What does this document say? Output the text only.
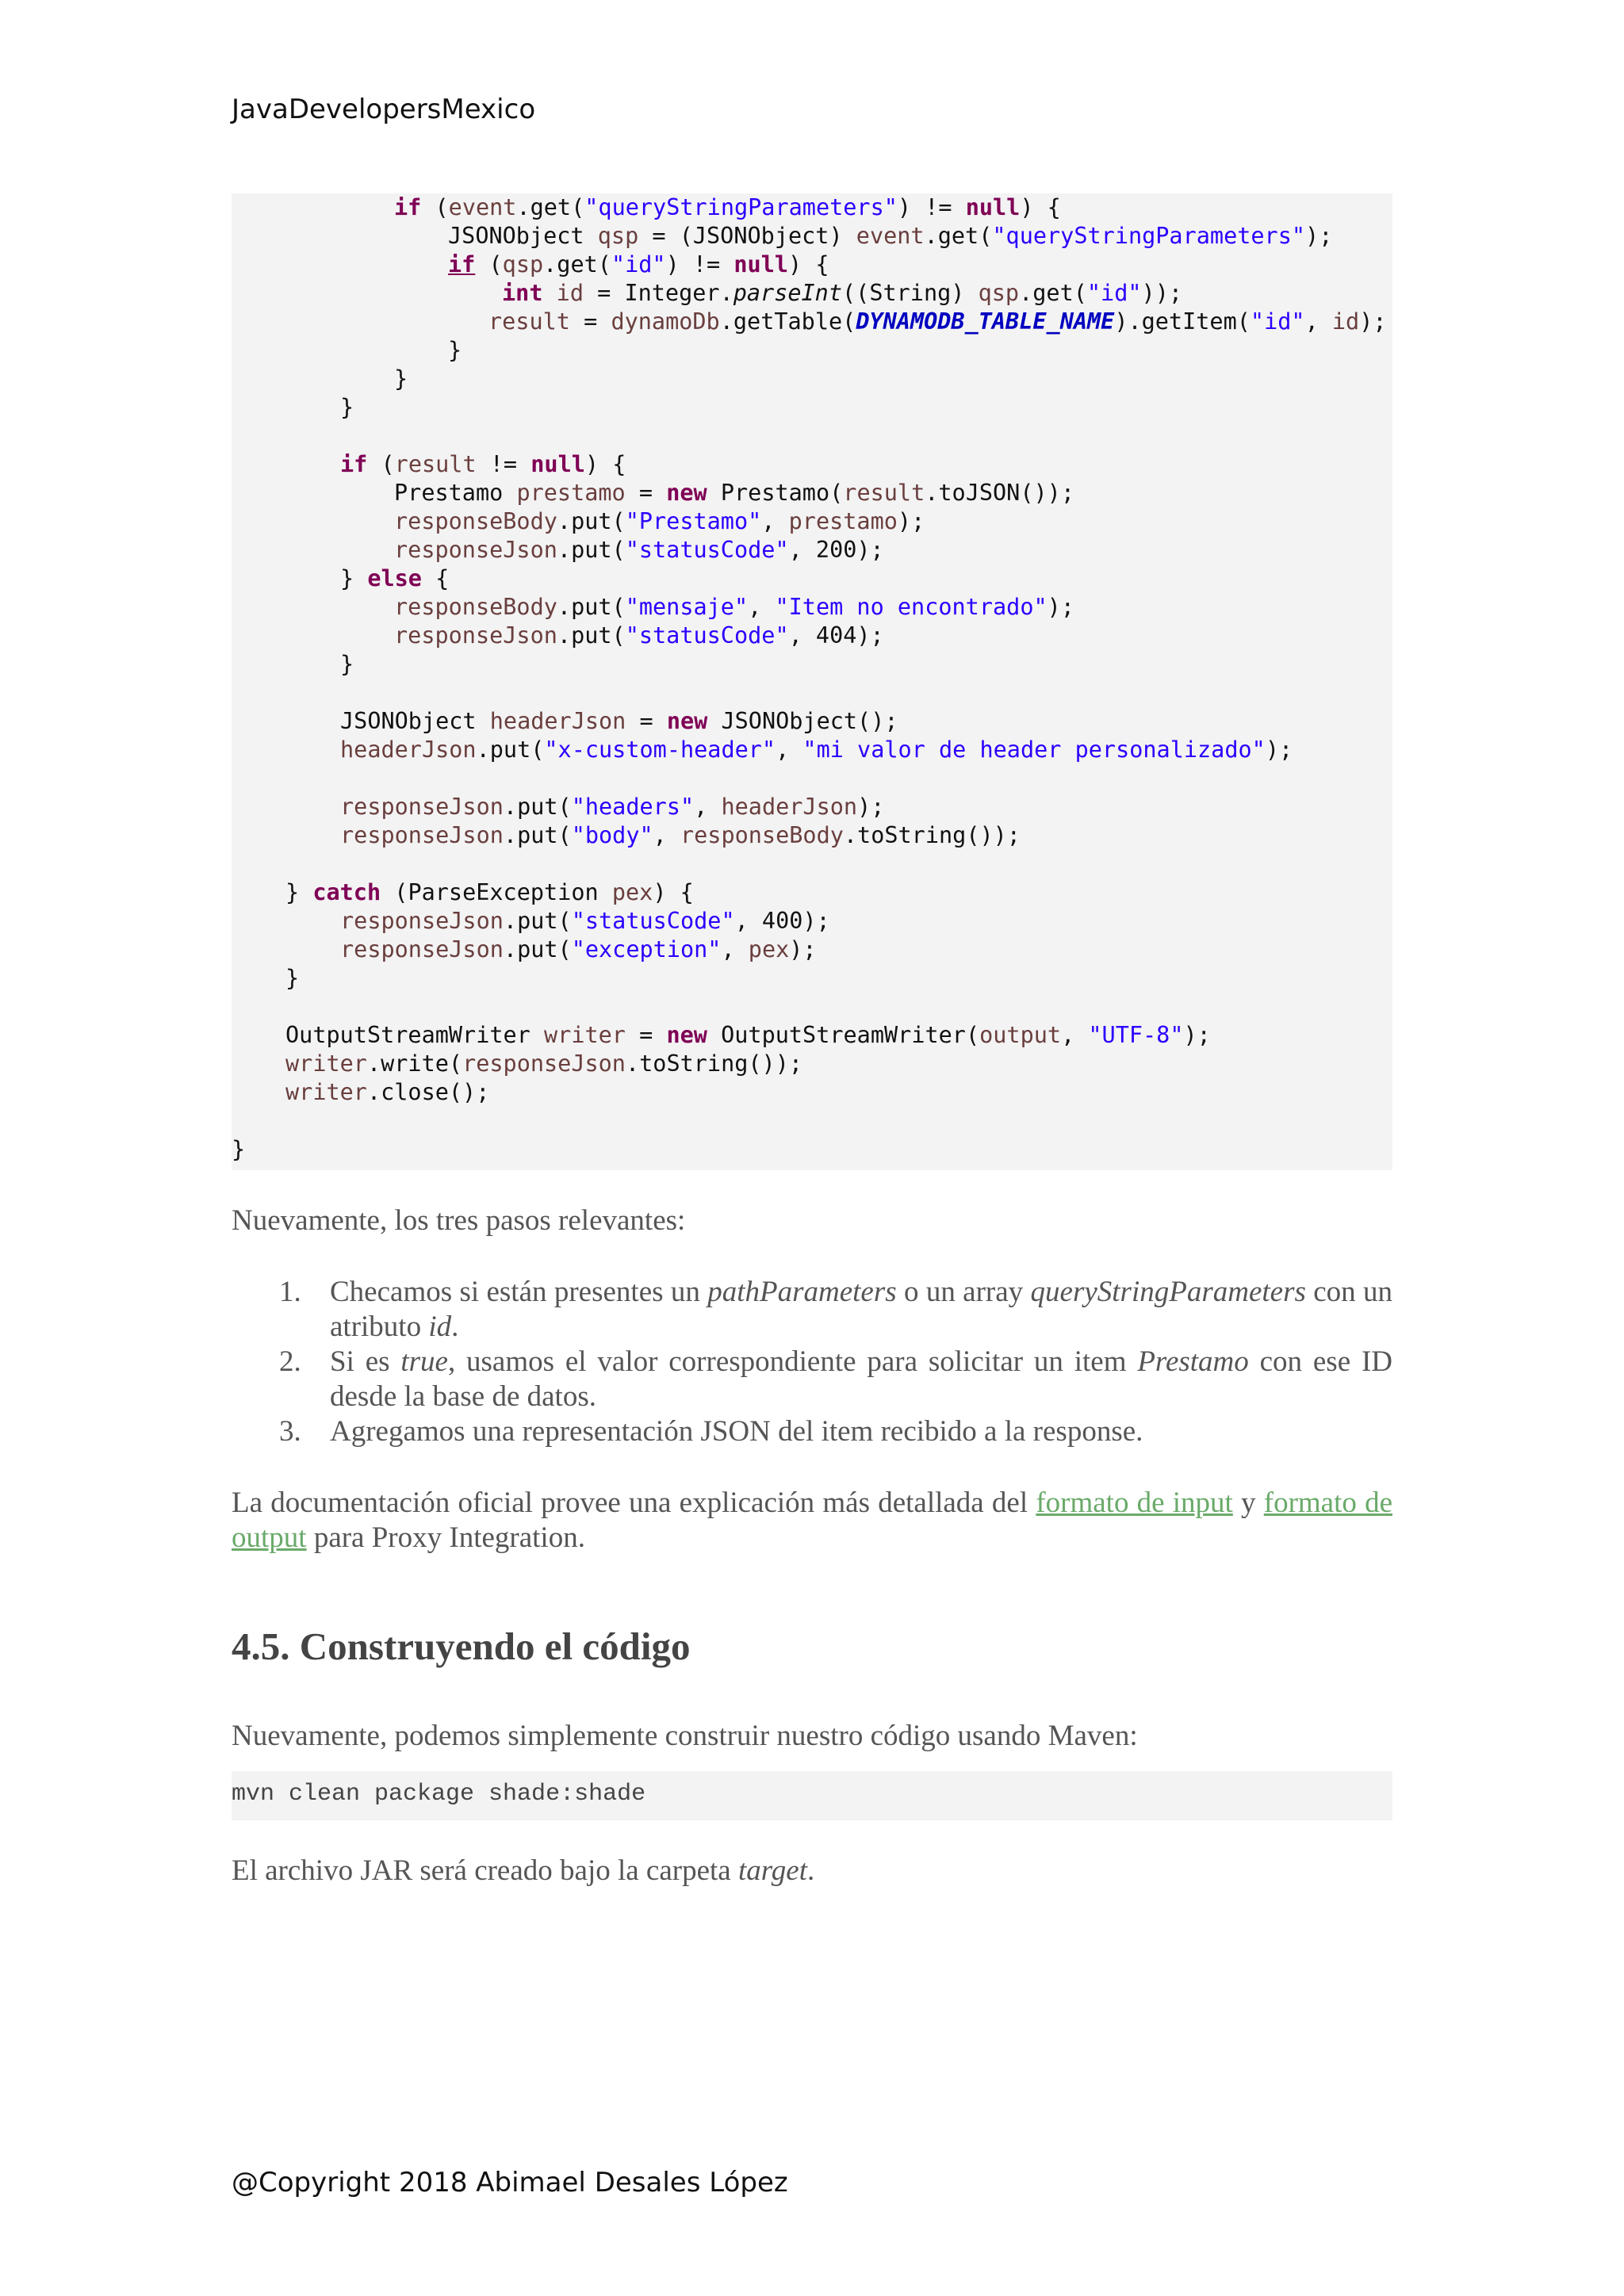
JavaDevelopersMexico
if (event.get("queryStringParameters") != null) {
JSONObject qsp = (JSONObject) event.get("queryStringParameters");
if (qsp.get("id") != null) {
int id = Integer.parseInt((String) qsp.get("id"));
result = dynamoDb.getTable(DYNAMODB_TABLE_NAME).getItem("id", id);
}
}
}
if (result != null) {
Prestamo prestamo = new Prestamo(result.toJSON());
responseBody.put("Prestamo", prestamo);
responseJson.put("statusCode", 200);
} else {
responseBody.put("mensaje", "Item no encontrado");
responseJson.put("statusCode", 404);
}
JSONObject headerJson = new JSONObject();
headerJson.put("x-custom-header", "mi valor de header personalizado");
responseJson.put("headers", headerJson);
responseJson.put("body", responseBody.toString());
} catch (ParseException pex) {
responseJson.put("statusCode", 400);
responseJson.put("exception", pex);
}
OutputStreamWriter writer = new OutputStreamWriter(output, "UTF-8");
writer.write(responseJson.toString());
writer.close();
}
Nuevamente, los tres pasos relevantes:
1. Checamos si están presentes un pathParameters o un array queryStringParameters con un atributo id.
2. Si es true, usamos el valor correspondiente para solicitar un item Prestamo con ese ID desde la base de datos.
3. Agregamos una representación JSON del item recibido a la response.
La documentación oficial provee una explicación más detallada del formato de input y formato de output para Proxy Integration.
4.5. Construyendo el código
Nuevamente, podemos simplemente construir nuestro código usando Maven:
mvn clean package shade:shade
El archivo JAR será creado bajo la carpeta target.
@Copyright 2018 Abimael Desales López
